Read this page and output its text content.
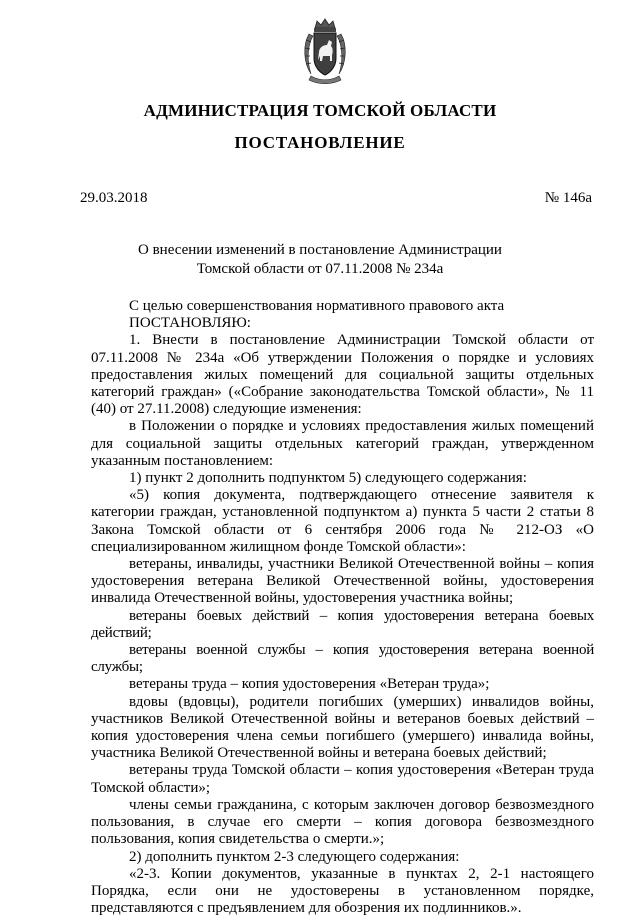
АДМИНИСТРАЦИЯ ТОМСКОЙ ОБЛАСТИ
ПОСТАНОВЛЕНИЕ
29.03.2018	№ 146а
О внесении изменений в постановление Администрации
Томской области от 07.11.2008 № 234а

С целью совершенствования нормативного правового акта

ПОСТАНОВЛЯЮ:

1. Внести в постановление Администрации Томской области от 07.11.2008 № 234а «Об утверждении Положения о порядке и условиях предоставления жилых помещений для социальной защиты отдельных категорий граждан» («Собрание законодательства Томской области», № 11 (40) от 27.11.2008) следующие изменения:

в Положении о порядке и условиях предоставления жилых помещений для социальной защиты отдельных категорий граждан, утвержденном указанным постановлением:

1) пункт 2 дополнить подпунктом 5) следующего содержания:

«5) копия документа, подтверждающего отнесение заявителя к категории граждан, установленной подпунктом а) пункта 5 части 2 статьи 8 Закона Томской области от 6 сентября 2006 года № 212-ОЗ «О специализированном жилищном фонде Томской области»:

ветераны, инвалиды, участники Великой Отечественной войны – копия удостоверения ветерана Великой Отечественной войны, удостоверения инвалида Отечественной войны, удостоверения участника войны;

ветераны боевых действий – копия удостоверения ветерана боевых действий;

ветераны военной службы – копия удостоверения ветерана военной службы;

ветераны труда – копия удостоверения «Ветеран труда»;

вдовы (вдовцы), родители погибших (умерших) инвалидов войны, участников Великой Отечественной войны и ветеранов боевых действий – копия удостоверения члена семьи погибшего (умершего) инвалида войны, участника Великой Отечественной войны и ветерана боевых действий;

ветераны труда Томской области – копия удостоверения «Ветеран труда Томской области»;

члены семьи гражданина, с которым заключен договор безвозмездного пользования, в случае его смерти – копия договора безвозмездного пользования, копия свидетельства о смерти.»;

2) дополнить пунктом 2-3 следующего содержания:

«2-3. Копии документов, указанные в пунктах 2, 2-1 настоящего Порядка, если они не удостоверены в установленном порядке, представляются с предъявлением для обозрения их подлинников.».
